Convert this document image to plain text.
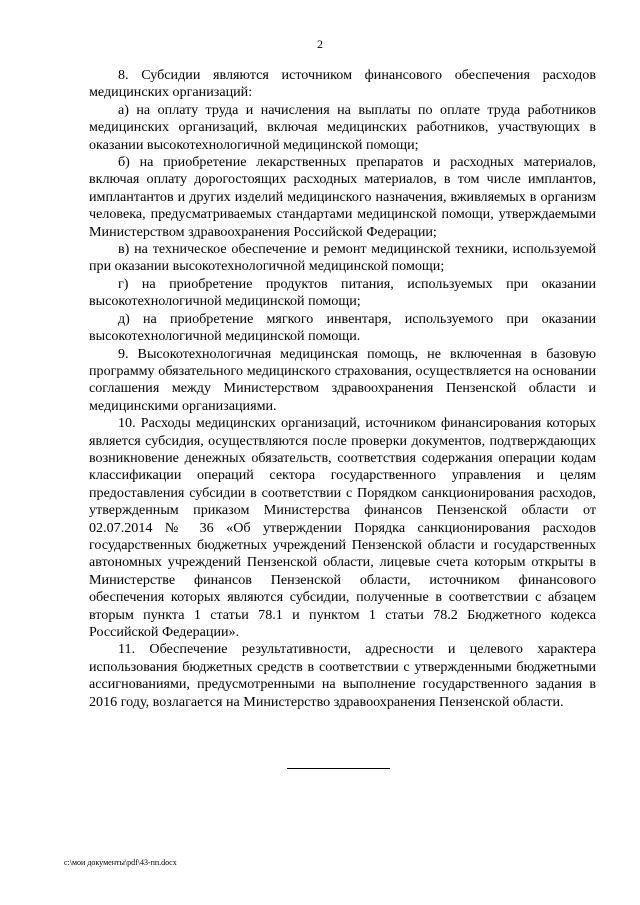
2

8. Субсидии являются источником финансового обеспечения расходов медицинских организаций:

а) на оплату труда и начисления на выплаты по оплате труда работников медицинских организаций, включая медицинских работников, участвующих в оказании высокотехнологичной медицинской помощи;

б) на приобретение лекарственных препаратов и расходных материалов, включая оплату дорогостоящих расходных материалов, в том числе имплантов, имплантантов и других изделий медицинского назначения, вживляемых в организм человека, предусматриваемых стандартами медицинской помощи, утверждаемыми Министерством здравоохранения Российской Федерации;

в) на техническое обеспечение и ремонт медицинской техники, используемой при оказании высокотехнологичной медицинской помощи;

г) на приобретение продуктов питания, используемых при оказании высокотехнологичной медицинской помощи;

д) на приобретение мягкого инвентаря, используемого при оказании высокотехнологичной медицинской помощи.

9. Высокотехнологичная медицинская помощь, не включенная в базовую программу обязательного медицинского страхования, осуществляется на основании соглашения между Министерством здравоохранения Пензенской области и медицинскими организациями.

10. Расходы медицинских организаций, источником финансирования которых является субсидия, осуществляются после проверки документов, подтверждающих возникновение денежных обязательств, соответствия содержания операции кодам классификации операций сектора государственного управления и целям предоставления субсидии в соответствии с Порядком санкционирования расходов, утвержденным приказом Министерства финансов Пензенской области от 02.07.2014 № 36 «Об утверждении Порядка санкционирования расходов государственных бюджетных учреждений Пензенской области и государственных автономных учреждений Пензенской области, лицевые счета которым открыты в Министерстве финансов Пензенской области, источником финансового обеспечения которых являются субсидии, полученные в соответствии с абзацем вторым пункта 1 статьи 78.1 и пунктом 1 статьи 78.2 Бюджетного кодекса Российской Федерации».

11. Обеспечение результативности, адресности и целевого характера использования бюджетных средств в соответствии с утвержденными бюджетными ассигнованиями, предусмотренными на выполнение государственного задания в 2016 году, возлагается на Министерство здравоохранения Пензенской области.

c:\мои документы\pdf\43-пп.docx
